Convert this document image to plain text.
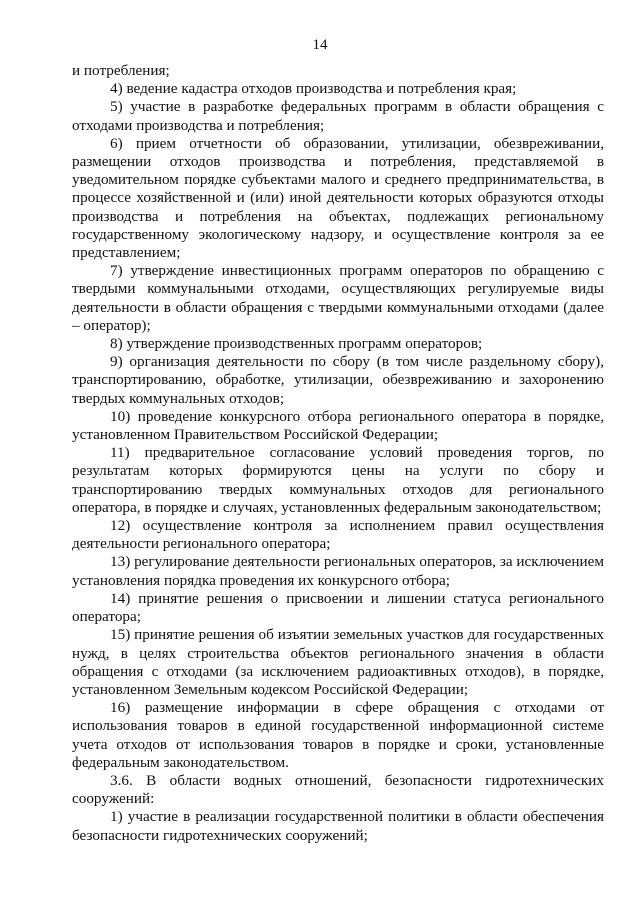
14

и потребления;

4) ведение кадастра отходов производства и потребления края;

5) участие в разработке федеральных программ в области обращения с отходами производства и потребления;

6) прием отчетности об образовании, утилизации, обезвреживании, размещении отходов производства и потребления, представляемой в уведомительном порядке субъектами малого и среднего предпринимательства, в процессе хозяйственной и (или) иной деятельности которых образуются отходы производства и потребления на объектах, подлежащих региональному государственному экологическому надзору, и осуществление контроля за ее представлением;

7) утверждение инвестиционных программ операторов по обращению с твердыми коммунальными отходами, осуществляющих регулируемые виды деятельности в области обращения с твердыми коммунальными отходами (далее – оператор);

8) утверждение производственных программ операторов;

9) организация деятельности по сбору (в том числе раздельному сбору), транспортированию, обработке, утилизации, обезвреживанию и захоронению твердых коммунальных отходов;

10) проведение конкурсного отбора регионального оператора в порядке, установленном Правительством Российской Федерации;

11) предварительное согласование условий проведения торгов, по результатам которых формируются цены на услуги по сбору и транспортированию твердых коммунальных отходов для регионального оператора, в порядке и случаях, установленных федеральным законодательством;

12) осуществление контроля за исполнением правил осуществления деятельности регионального оператора;

13) регулирование деятельности региональных операторов, за исключением установления порядка проведения их конкурсного отбора;

14) принятие решения о присвоении и лишении статуса регионального оператора;

15) принятие решения об изъятии земельных участков для государственных нужд, в целях строительства объектов регионального значения в области обращения с отходами (за исключением радиоактивных отходов), в порядке, установленном Земельным кодексом Российской Федерации;

16) размещение информации в сфере обращения с отходами от использования товаров в единой государственной информационной системе учета отходов от использования товаров в порядке и сроки, установленные федеральным законодательством.

3.6. В области водных отношений, безопасности гидротехнических сооружений:

1) участие в реализации государственной политики в области обеспечения безопасности гидротехнических сооружений;
